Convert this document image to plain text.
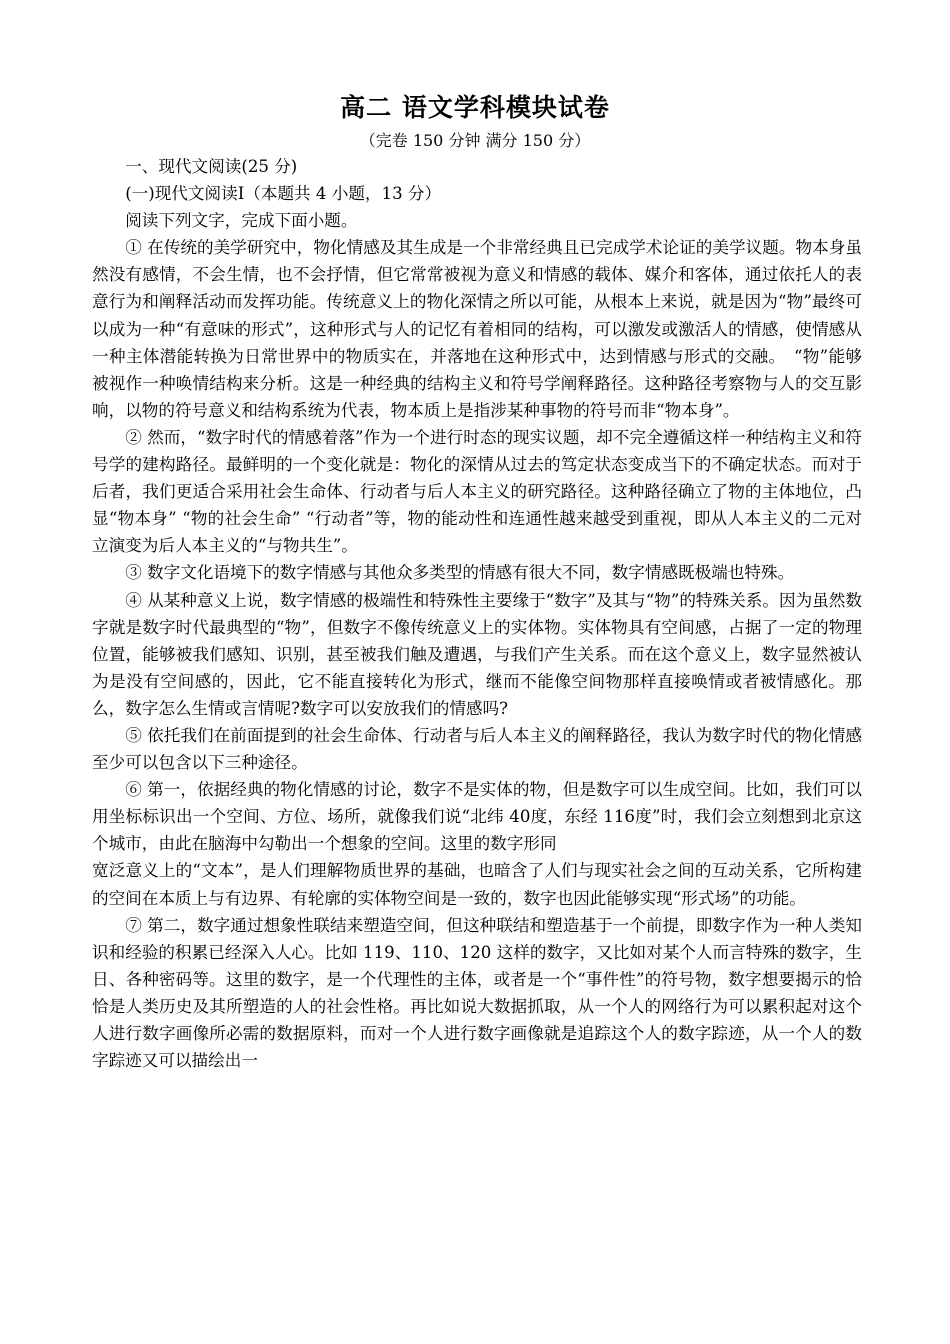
高二 语文学科模块试卷
（完卷 150 分钟 满分 150 分）

一、现代文阅读(25 分)

(一)现代文阅读Ⅰ（本题共 4 小题，13 分）

阅读下列文字，完成下面小题。

① 在传统的美学研究中，物化情感及其生成是一个非常经典且已完成学术论证的美学议题。物本身虽然没有感情，不会生情，也不会抒情，但它常常被视为意义和情感的载体、媒介和客体，通过依托人的表意行为和阐释活动而发挥功能。传统意义上的物化深情之所以可能，从根本上来说，就是因为“物”最终可以成为一种“有意味的形式”，这种形式与人的记忆有着相同的结构，可以激发或激活人的情感，使情感从一种主体潜能转换为日常世界中的物质实在，并落地在这种形式中，达到情感与形式的交融。　“物”能够被视作一种唤情结构来分析。这是一种经典的结构主义和符号学阐释路径。这种路径考察物与人的交互影响，以物的符号意义和结构系统为代表，物本质上是指涉某种事物的符号而非“物本身”。

② 然而，“数字时代的情感着落”作为一个进行时态的现实议题，却不完全遵循这样一种结构主义和符号学的建构路径。最鲜明的一个变化就是：物化的深情从过去的笃定状态变成当下的不确定状态。而对于后者，我们更适合采用社会生命体、行动者与后人本主义的研究路径。这种路径确立了物的主体地位，凸显“物本身” “物的社会生命” “行动者”等，物的能动性和连通性越来越受到重视，即从人本主义的二元对立演变为后人本主义的“与物共生”。

③ 数字文化语境下的数字情感与其他众多类型的情感有很大不同，数字情感既极端也特殊。

④ 从某种意义上说，数字情感的极端性和特殊性主要缘于“数字”及其与“物”的特殊关系。因为虽然数字就是数字时代最典型的“物”，但数字不像传统意义上的实体物。实体物具有空间感，占据了一定的物理位置，能够被我们感知、识别，甚至被我们触及遭遇，与我们产生关系。而在这个意义上，数字显然被认为是没有空间感的，因此，它不能直接转化为形式，继而不能像空间物那样直接唤情或者被情感化。那么，数字怎么生情或言情呢?数字可以安放我们的情感吗?

⑤ 依托我们在前面提到的社会生命体、行动者与后人本主义的阐释路径，我认为数字时代的物化情感至少可以包含以下三种途径。

⑥ 第一，依据经典的物化情感的讨论，数字不是实体的物，但是数字可以生成空间。比如，我们可以用坐标标识出一个空间、方位、场所，就像我们说“北纬 40度，东经 116度”时，我们会立刻想到北京这个城市，由此在脑海中勾勒出一个想象的空间。这里的数字形同

宽泛意义上的“文本”，是人们理解物质世界的基础，也暗含了人们与现实社会之间的互动关系，它所构建的空间在本质上与有边界、有轮廓的实体物空间是一致的，数字也因此能够实现“形式场”的功能。

⑦ 第二，数字通过想象性联结来塑造空间，但这种联结和塑造基于一个前提，即数字作为一种人类知识和经验的积累已经深入人心。比如 119、110、120 这样的数字，又比如对某个人而言特殊的数字，生日、各种密码等。这里的数字，是一个代理性的主体，或者是一个“事件性”的符号物，数字想要揭示的恰恰是人类历史及其所塑造的人的社会性格。再比如说大数据抓取，从一个人的网络行为可以累积起对这个人进行数字画像所必需的数据原料，而对一个人进行数字画像就是追踪这个人的数字踪迹，从一个人的数字踪迹又可以描绘出一
